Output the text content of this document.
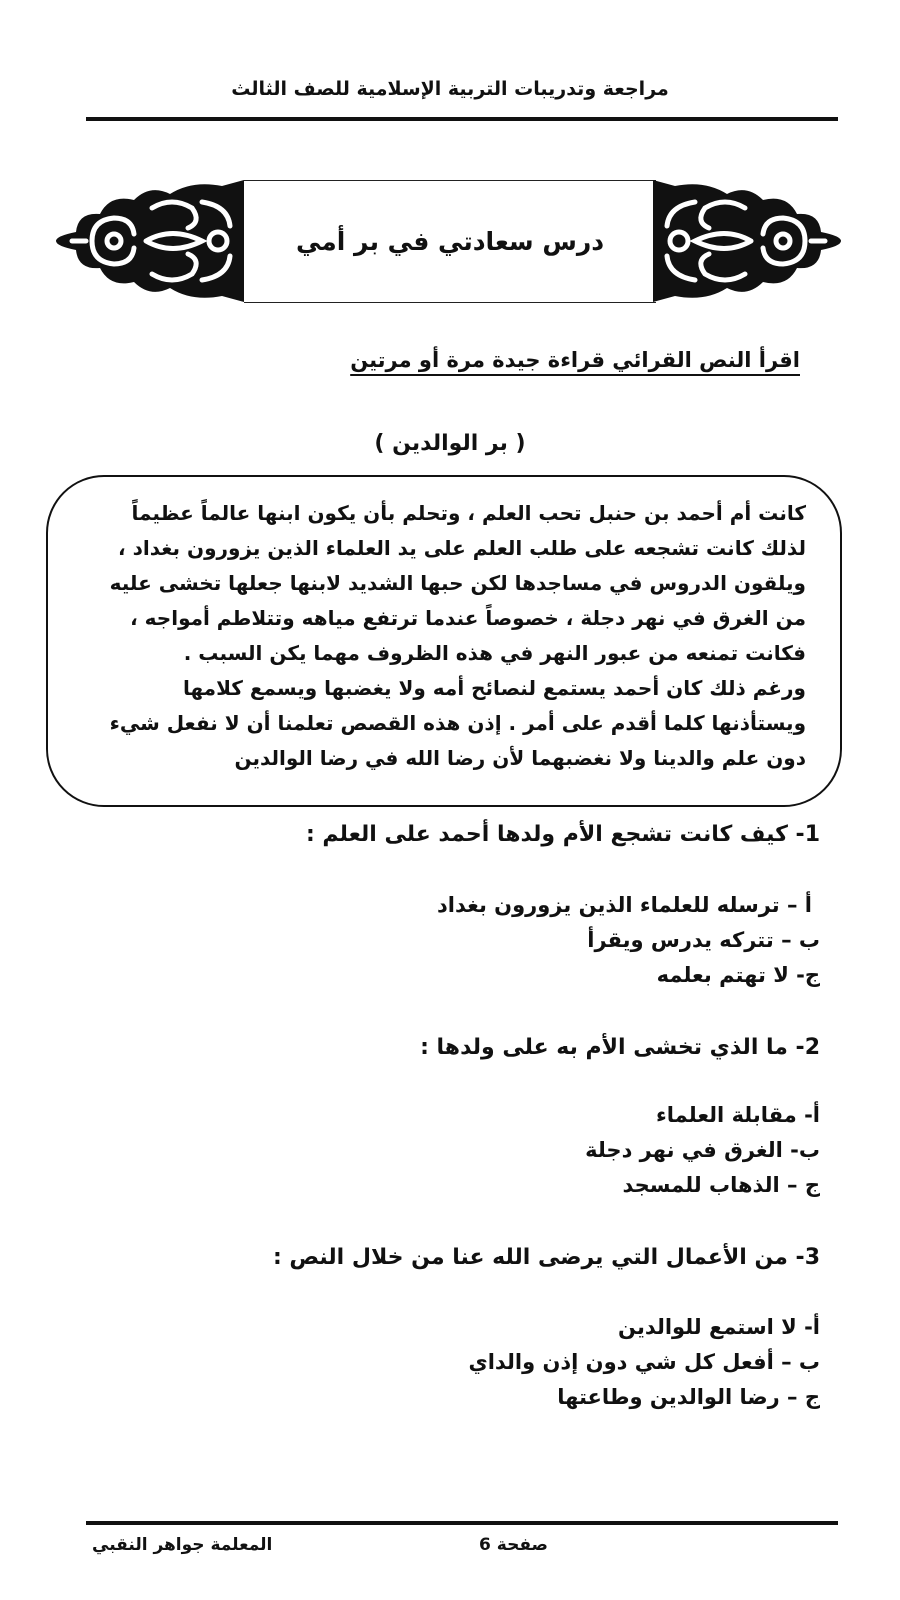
مراجعة وتدريبات التربية الإسلامية للصف الثالث
درس سعادتي في بر أمي
اقرأ النص القرائي قراءة جيدة مرة أو مرتين
( بر الوالدين )
كانت أم أحمد بن حنبل تحب العلم ، وتحلم بأن يكون ابنها عالماً عظيماً
لذلك كانت تشجعه على طلب العلم على يد العلماء الذين يزورون بغداد ،
ويلقون الدروس في مساجدها لكن حبها الشديد لابنها جعلها تخشى عليه
من الغرق في نهر دجلة ، خصوصاً عندما ترتفع مياهه وتتلاطم أمواجه ،
فكانت تمنعه من عبور النهر في هذه الظروف مهما يكن السبب .
ورغم ذلك كان أحمد يستمع لنصائح أمه ولا يغضبها ويسمع كلامها
ويستأذنها كلما أقدم على أمر . إذن هذه القصص تعلمنا أن لا نفعل شيء
دون علم والدينا ولا نغضبهما لأن رضا الله في رضا الوالدين
1- كيف كانت تشجع الأم ولدها أحمد على العلم :
أ – ترسله للعلماء الذين يزورون بغداد
ب – تتركه يدرس ويقرأ
ج- لا تهتم بعلمه
2- ما الذي تخشى الأم به على ولدها :
أ- مقابلة العلماء
ب- الغرق في نهر دجلة
ج – الذهاب للمسجد
3- من الأعمال التي يرضى الله عنا من خلال النص :
أ- لا استمع للوالدين
ب – أفعل كل شي دون إذن والداي
ج – رضا الوالدين وطاعتها
المعلمة جواهر النقبي	صفحة 6
